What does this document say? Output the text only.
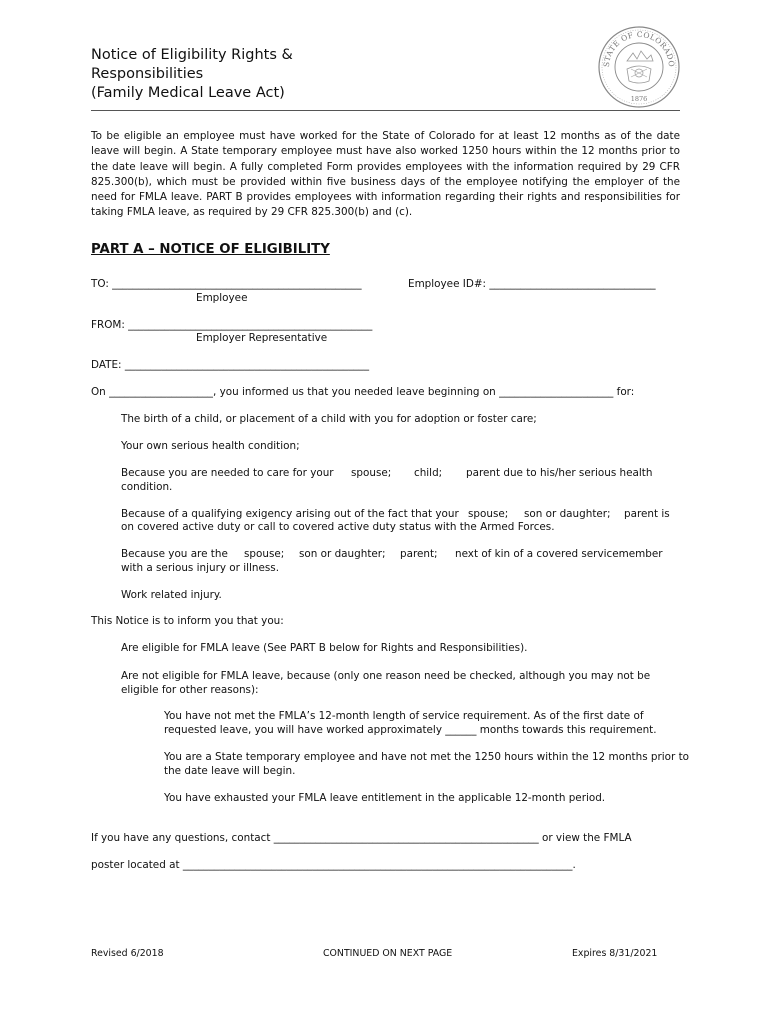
Notice of Eligibility Rights &
Responsibilities
(Family Medical Leave Act)
STATE OF COLORADO
1876
To be eligible an employee must have worked for the State of Colorado for at least 12 months as of the date leave will begin. A State temporary employee must have also worked 1250 hours within the 12 months prior to the date leave will begin. A fully completed Form provides employees with the information required by 29 CFR 825.300(b), which must be provided within five business days of the employee notifying the employer of the need for FMLA leave. PART B provides employees with information regarding their rights and responsibilities for taking FMLA leave, as required by 29 CFR 825.300(b) and (c).
PART A – NOTICE OF ELIGIBILITY
TO: ________________________________________________	Employee ID#: ________________________________
Employee
FROM: _______________________________________________
Employer Representative
DATE: _______________________________________________
On ____________________, you informed us that you needed leave beginning on ______________________ for:
The birth of a child, or placement of a child with you for adoption or foster care;
Your own serious health condition;
Because you are needed to care for your spouse; child; parent due to his/her serious health
condition.
Because of a qualifying exigency arising out of the fact that your spouse; son or daughter; parent is
on covered active duty or call to covered active duty status with the Armed Forces.
Because you are the spouse; son or daughter; parent; next of kin of a covered servicemember
with a serious injury or illness.
Work related injury.
This Notice is to inform you that you:
Are eligible for FMLA leave (See PART B below for Rights and Responsibilities).
Are not eligible for FMLA leave, because (only one reason need be checked, although you may not be
eligible for other reasons):
You have not met the FMLA’s 12-month length of service requirement. As of the first date of
requested leave, you will have worked approximately ______ months towards this requirement.
You are a State temporary employee and have not met the 1250 hours within the 12 months prior to
the date leave will begin.
You have exhausted your FMLA leave entitlement in the applicable 12-month period.
If you have any questions, contact ___________________________________________________ or view the FMLA
poster located at ___________________________________________________________________________.
Revised 6/2018	CONTINUED ON NEXT PAGE	Expires 8/31/2021
